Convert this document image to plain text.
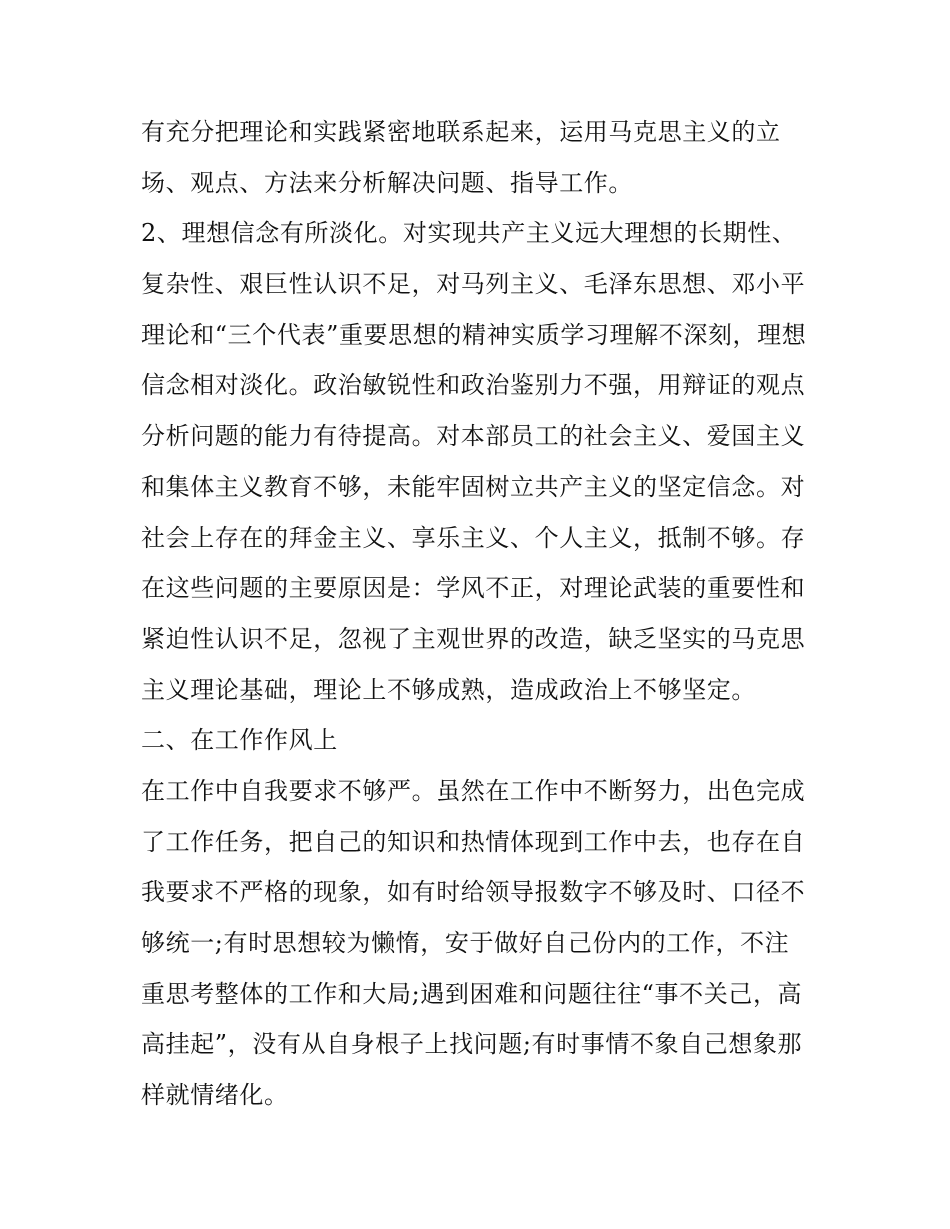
有充分把理论和实践紧密地联系起来，运用马克思主义的立
场、观点、方法来分析解决问题、指导工作。
2、理想信念有所淡化。对实现共产主义远大理想的长期性、
复杂性、艰巨性认识不足，对马列主义、毛泽东思想、邓小平
理论和“三个代表”重要思想的精神实质学习理解不深刻，理想
信念相对淡化。政治敏锐性和政治鉴别力不强，用辩证的观点
分析问题的能力有待提高。对本部员工的社会主义、爱国主义
和集体主义教育不够，未能牢固树立共产主义的坚定信念。对
社会上存在的拜金主义、享乐主义、个人主义，抵制不够。存
在这些问题的主要原因是：学风不正，对理论武装的重要性和
紧迫性认识不足，忽视了主观世界的改造，缺乏坚实的马克思
主义理论基础，理论上不够成熟，造成政治上不够坚定。
二、在工作作风上
在工作中自我要求不够严。虽然在工作中不断努力，出色完成
了工作任务，把自己的知识和热情体现到工作中去，也存在自
我要求不严格的现象，如有时给领导报数字不够及时、口径不
够统一;有时思想较为懒惰，安于做好自己份内的工作，不注
重思考整体的工作和大局;遇到困难和问题往往“事不关己，高
高挂起”，没有从自身根子上找问题;有时事情不象自己想象那
样就情绪化。
